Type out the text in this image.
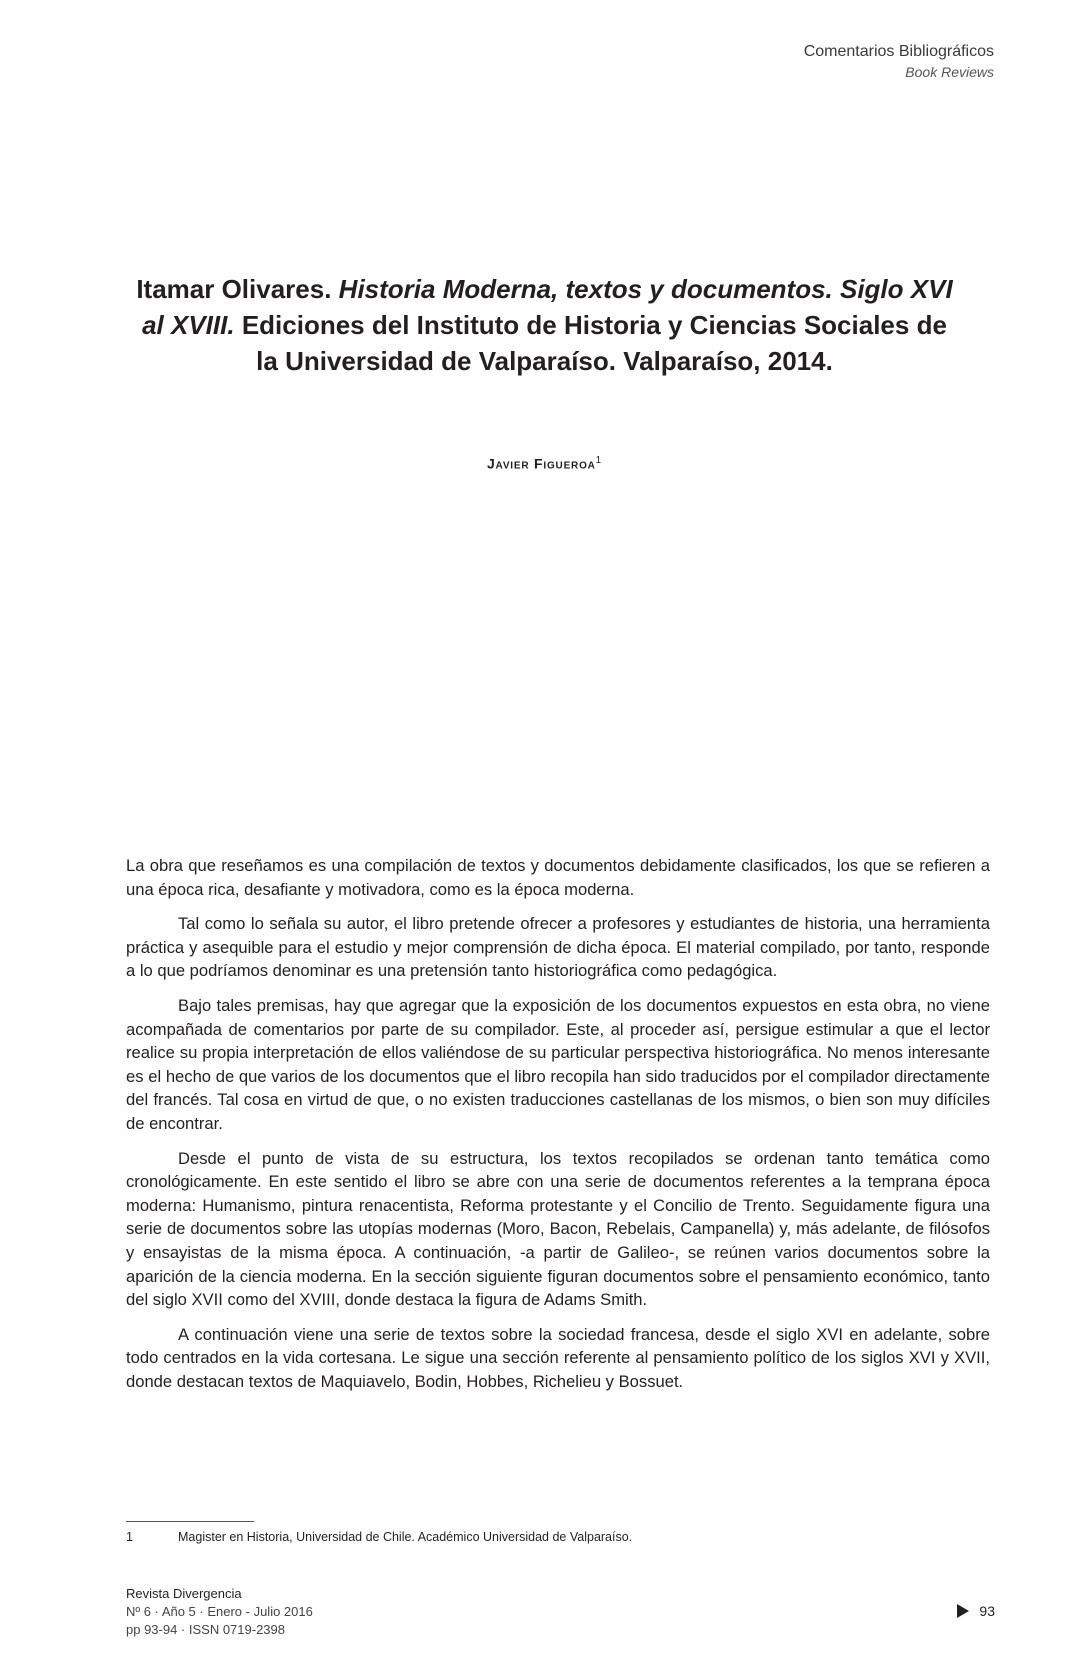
Comentarios Bibliográficos
Book Reviews
Itamar Olivares. Historia Moderna, textos y documentos. Siglo XVI al XVIII. Ediciones del Instituto de Historia y Ciencias Sociales de la Universidad de Valparaíso. Valparaíso, 2014.
Javier Figueroa$^1$

La obra que reseñamos es una compilación de textos y documentos debidamente clasificados, los que se refieren a una época rica, desafiante y motivadora, como es la época moderna.

Tal como lo señala su autor, el libro pretende ofrecer a profesores y estudiantes de historia, una herramienta práctica y asequible para el estudio y mejor comprensión de dicha época. El material compilado, por tanto, responde a lo que podríamos denominar es una pretensión tanto historiográfica como pedagógica.

Bajo tales premisas, hay que agregar que la exposición de los documentos expuestos en esta obra, no viene acompañada de comentarios por parte de su compilador. Este, al proceder así, persigue estimular a que el lector realice su propia interpretación de ellos valiéndose de su particular perspectiva historiográfica. No menos interesante es el hecho de que varios de los documentos que el libro recopila han sido traducidos por el compilador directamente del francés. Tal cosa en virtud de que, o no existen traducciones castellanas de los mismos, o bien son muy difíciles de encontrar.

Desde el punto de vista de su estructura, los textos recopilados se ordenan tanto temática como cronológicamente. En este sentido el libro se abre con una serie de documentos referentes a la temprana época moderna: Humanismo, pintura renacentista, Reforma protestante y el Concilio de Trento. Seguidamente figura una serie de documentos sobre las utopías modernas (Moro, Bacon, Rebelais, Campanella) y, más adelante, de filósofos y ensayistas de la misma época. A continuación, -a partir de Galileo-, se reúnen varios documentos sobre la aparición de la ciencia moderna. En la sección siguiente figuran documentos sobre el pensamiento económico, tanto del siglo XVII como del XVIII, donde destaca la figura de Adams Smith.

A continuación viene una serie de textos sobre la sociedad francesa, desde el siglo XVI en adelante, sobre todo centrados en la vida cortesana. Le sigue una sección referente al pensamiento político de los siglos XVI y XVII, donde destacan textos de Maquiavelo, Bodin, Hobbes, Richelieu y Bossuet.

1	Magister en Historia, Universidad de Chile. Académico Universidad de Valparaíso.
Revista Divergencia
Nº 6 · Año 5 · Enero - Julio 2016
pp 93-94 · ISSN 0719-2398
93
